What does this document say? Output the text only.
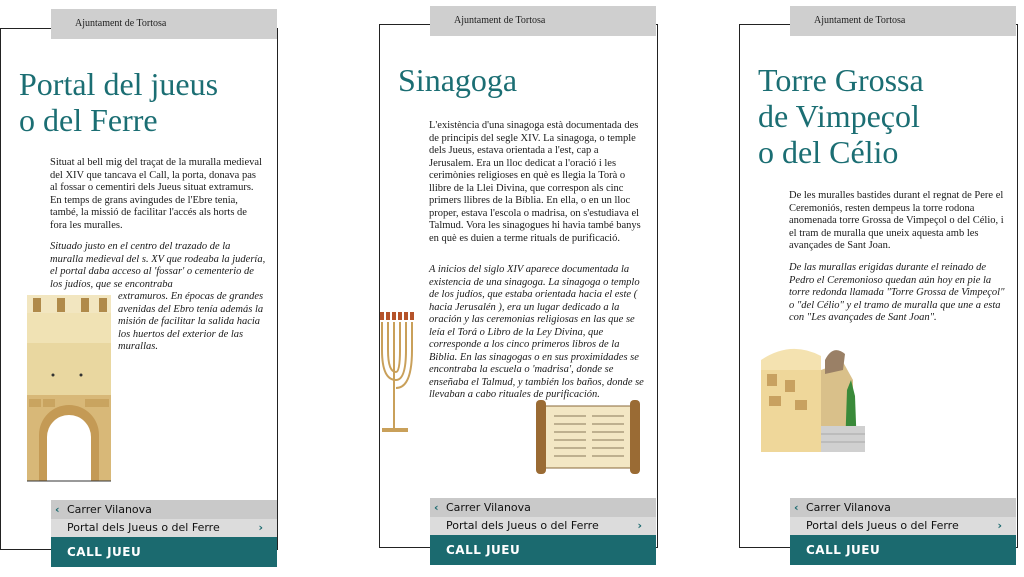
Ajuntament de Tortosa
Portal del jueus
o del Ferre

Situat al bell mig del traçat de la muralla medieval del XIV que tancava el Call, la porta, donava pas al fossar o cementiri dels Jueus situat extramurs. En temps de grans avingudes de l'Ebre tenia, també, la missió de facilitar l'accés als horts de fora les muralles.

Situado justo en el centro del trazado de la muralla medieval del s. XV que rodeaba la judería, el portal daba acceso al 'fossar' o cementerio de los judíos, que se encontraba

extramuros. En épocas de grandes avenidas del Ebro tenía además la misión de facilitar la salida hacia los huertos del exterior de las murallas.

‹ Carrer Vilanova
Portal dels Jueus o del Ferre	›
CALL JUEU
Ajuntament de Tortosa
Sinagoga

L'existència d'una sinagoga està documentada des de principis del segle XIV. La sinagoga, o temple dels Jueus, estava orientada a l'est, cap a Jerusalem. Era un lloc dedicat a l'oració i les cerimònies religioses en què es llegia la Torà o llibre de la Llei Divina, que correspon als cinc primers llibres de la Bíblia. En ella, o en un lloc proper, estava l'escola o madrisa, on s'estudiava el Talmud. Vora les sinagogues hi havia també banys en què es duien a terme rituals de purificació.

A inicios del siglo XIV aparece documentada la existencia de una sinagoga. La sinagoga o templo de los judíos, que estaba orientada hacia el este ( hacia Jerusalén ), era un lugar dedicado a la oración y las ceremonias religiosas en las que se leía el Torá o Libro de la Ley Divina, que corresponde a los cinco primeros libros de la Biblia. En las sinagogas o en sus proximidades se encontraba la escuela o 'madrisa', donde se enseñaba el Talmud, y también los baños, donde se llevaban a cabo rituales de purificación.

‹ Carrer Vilanova
Portal dels Jueus o del Ferre	›
CALL JUEU
Ajuntament de Tortosa
Torre Grossa
de Vimpeçol
o del Célio

De les muralles bastides durant el regnat de Pere el Ceremoniós, resten dempeus la torre rodona anomenada torre Grossa de Vimpeçol o del Célio, i el tram de muralla que uneix aquesta amb les avançades de Sant Joan.

De las murallas erigidas durante el reinado de Pedro el Ceremonioso quedan aún hoy en pie la torre redonda llamada "Torre Grossa de Vimpeçol" o "del Célio" y el tramo de muralla que une a esta con "Les avançades de Sant Joan".

‹ Carrer Vilanova
Portal dels Jueus o del Ferre	›
CALL JUEU
